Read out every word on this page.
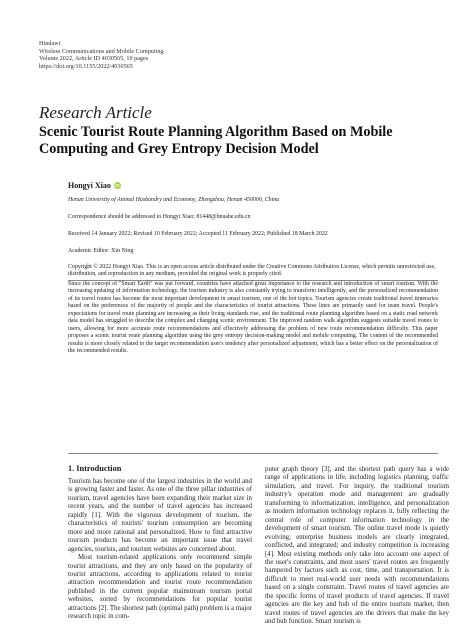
Hindawi
Wireless Communications and Mobile Computing
Volume 2022, Article ID 4030565, 10 pages
https://doi.org/10.1155/2022/4030565
Research Article
Scenic Tourist Route Planning Algorithm Based on Mobile Computing and Grey Entropy Decision Model
Hongyi Xiao iD
Henan University of Animal Husbandry and Economy, Zhengzhou, Henan 450000, China
Correspondence should be addressed to Hongyi Xiao; 81448@hnuahe.edu.cn
Received 14 January 2022; Revised 10 February 2022; Accepted 11 February 2022; Published 18 March 2022
Academic Editor: Xin Ning
Copyright © 2022 Hongyi Xiao. This is an open access article distributed under the Creative Commons Attribution License, which permits unrestricted use, distribution, and reproduction in any medium, provided the original work is properly cited.
Since the concept of "Smart Earth" was put forward, countries have attached great importance to the research and introduction of smart tourism. With the increasing updating of information technology, the tourism industry is also constantly trying to transform intelligently, and the personalized recommendation of its travel routes has become the most important development in smart tourism, one of the hot topics. Tourism agencies create traditional travel itineraries based on the preferences of the majority of people and the characteristics of tourist attractions. These lines are primarily used for team travel. People's expectations for travel route planning are increasing as their living standards rise, and the traditional route planning algorithm based on a static road network data model has struggled to describe the complex and changing scenic environment. The improved random walk algorithm suggests suitable travel routes to users, allowing for more accurate route recommendations and effectively addressing the problem of new route recommendation difficulty. This paper proposes a scenic tourist route planning algorithm using the grey entropy decision-making model and mobile computing. The content of the recommended results is more closely related to the target recommendation user's tendency after personalized adjustment, which has a better effect on the personalization of the recommended results.
1. Introduction

Tourism has become one of the largest industries in the world and is growing faster and faster. As one of the three pillar industries of tourism, travel agencies have been expanding their market size in recent years, and the number of travel agencies has increased rapidly [1]. With the vigorous development of tourism, the characteristics of tourists' tourism consumption are becoming more and more rational and personalized. How to find attractive tourism products has become an important issue that travel agencies, tourists, and tourism websites are concerned about.

Most tourism-related applications only recommend simple tourist attractions, and they are only based on the popularity of tourist attractions, according to applications related to tourist attraction recommendation and tourist route recommendation published in the current popular mainstream tourism portal websites, sorted by recommendations for popular tourist attractions [2]. The shortest path (optimal path) problem is a major research topic in com-

puter graph theory [3], and the shortest path query has a wide range of applications in life, including logistics planning, traffic simulation, and travel. For inquiry, the traditional tourism industry's operation mode and management are gradually transforming to informatization, intelligence, and personalization as modern information technology replaces it, fully reflecting the central role of computer information technology in the development of smart tourism. The online travel mode is quietly evolving; enterprise business models are clearly integrated, conflicted, and integrated; and industry competition is increasing [4]. Most existing methods only take into account one aspect of the user's constraints, and most users' travel routes are frequently hampered by factors such as cost, time, and transportation. It is difficult to meet real-world user needs with recommendations based on a single constraint. Travel routes of travel agencies are the specific forms of travel products of travel agencies. If travel agencies are the key and hub of the entire tourism market, then travel routes of travel agencies are the drivers that make the key and hub function. Smart tourism is
